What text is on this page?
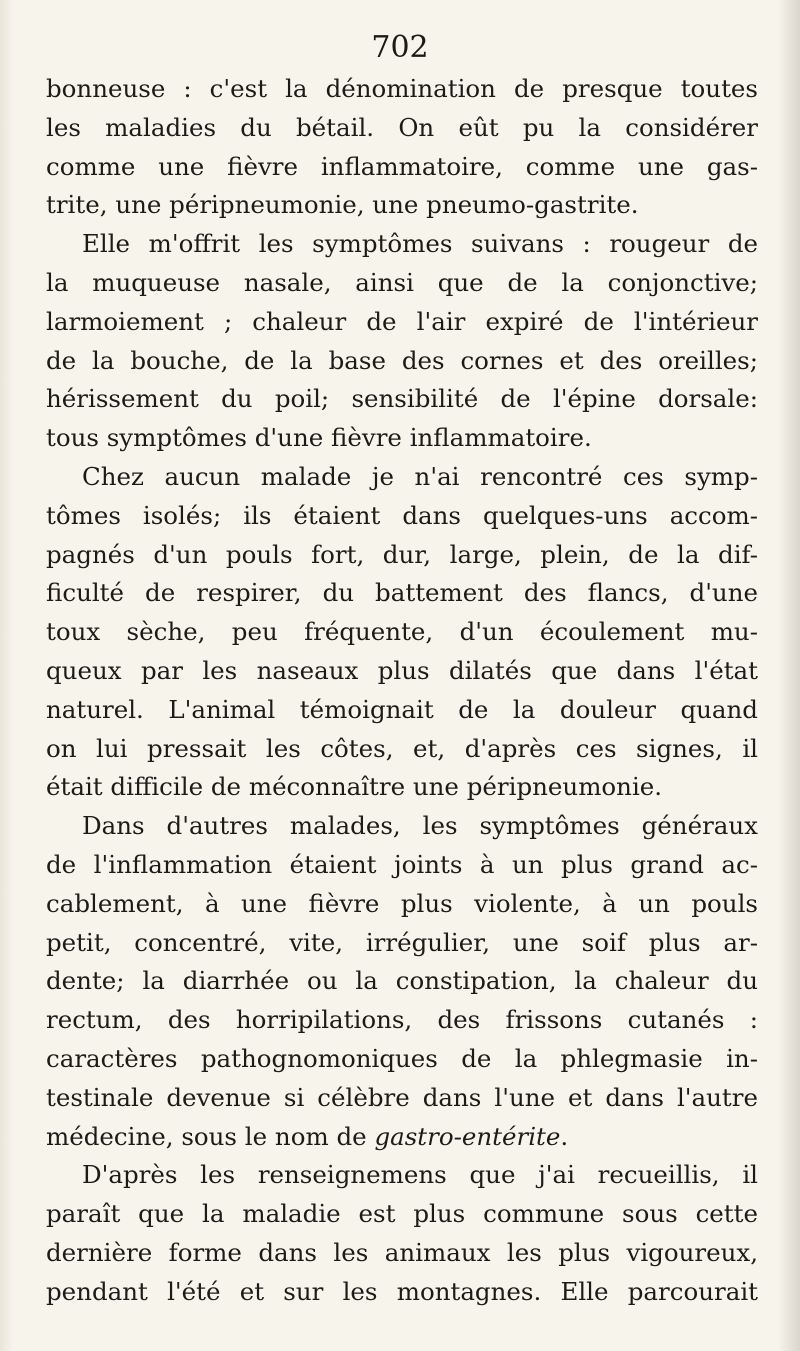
702
bonneuse : c'est la dénomination de presque toutes
les maladies du bétail. On eût pu la considérer
comme une fièvre inflammatoire, comme une gas-
trite, une péripneumonie, une pneumo-gastrite.
Elle m'offrit les symptômes suivans : rougeur de
la muqueuse nasale, ainsi que de la conjonctive;
larmoiement ; chaleur de l'air expiré de l'intérieur
de la bouche, de la base des cornes et des oreilles;
hérissement du poil; sensibilité de l'épine dorsale:
tous symptômes d'une fièvre inflammatoire.
Chez aucun malade je n'ai rencontré ces symp-
tômes isolés; ils étaient dans quelques-uns accom-
pagnés d'un pouls fort, dur, large, plein, de la dif-
ficulté de respirer, du battement des flancs, d'une
toux sèche, peu fréquente, d'un écoulement mu-
queux par les naseaux plus dilatés que dans l'état
naturel. L'animal témoignait de la douleur quand
on lui pressait les côtes, et, d'après ces signes, il
était difficile de méconnaître une péripneumonie.
Dans d'autres malades, les symptômes généraux
de l'inflammation étaient joints à un plus grand ac-
cablement, à une fièvre plus violente, à un pouls
petit, concentré, vite, irrégulier, une soif plus ar-
dente; la diarrhée ou la constipation, la chaleur du
rectum, des horripilations, des frissons cutanés :
caractères pathognomoniques de la phlegmasie in-
testinale devenue si célèbre dans l'une et dans l'autre
médecine, sous le nom de gastro-entérite.
D'après les renseignemens que j'ai recueillis, il
paraît que la maladie est plus commune sous cette
dernière forme dans les animaux les plus vigoureux,
pendant l'été et sur les montagnes. Elle parcourait
